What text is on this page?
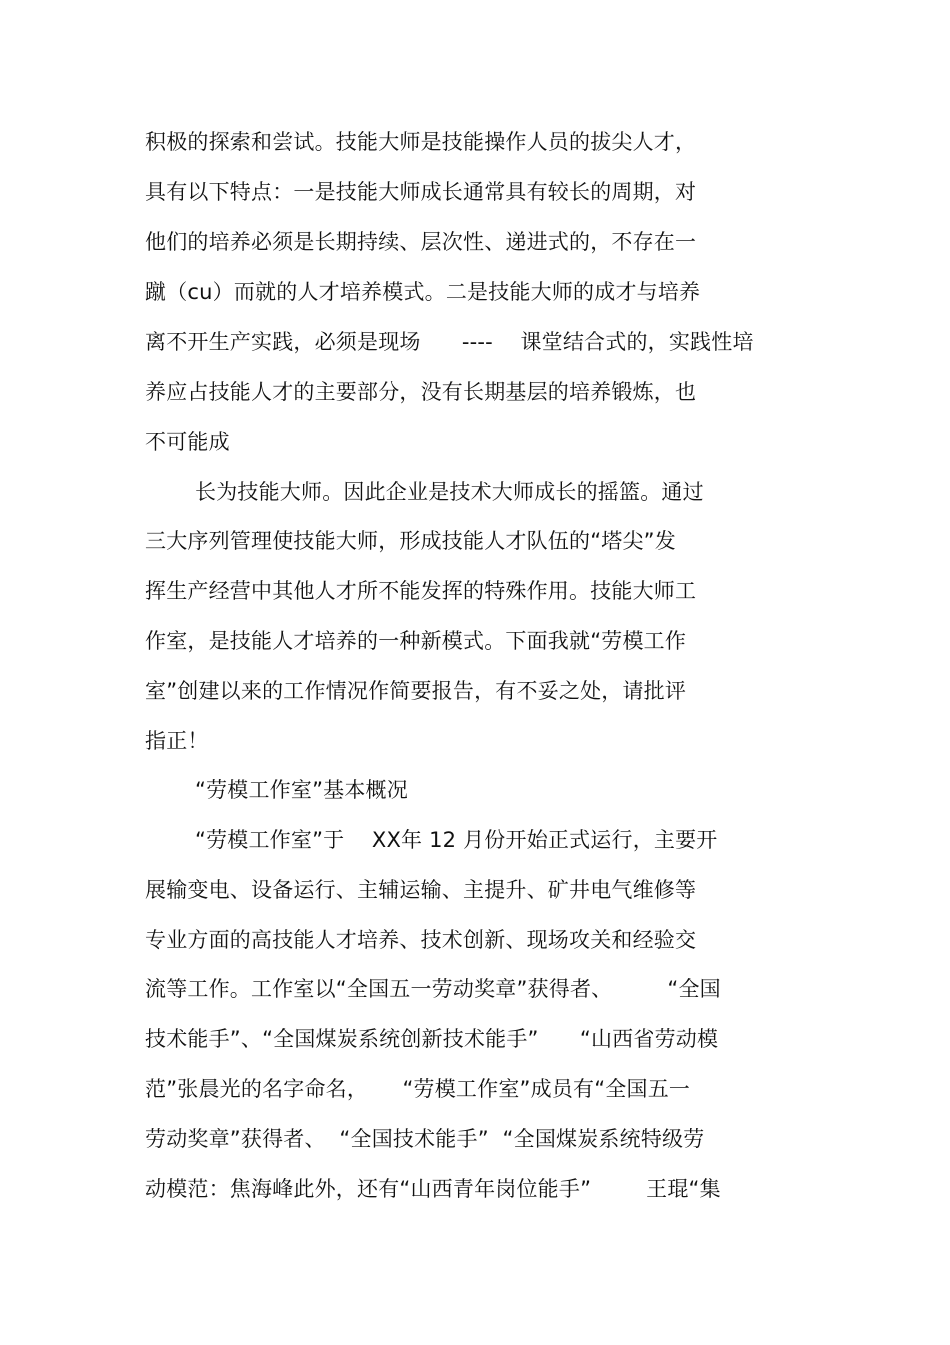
积极的探索和尝试。技能大师是技能操作人员的拔尖人才，
具有以下特点：一是技能大师成长通常具有较长的周期，对
他们的培养必须是长期持续、层次性、递进式的，不存在一
蹴（cu）而就的人才培养模式。二是技能大师的成才与培养
离不开生产实践，必须是现场      ----    课堂结合式的，实践性培
养应占技能人才的主要部分，没有长期基层的培养锻炼，也
不可能成
长为技能大师。因此企业是技术大师成长的摇篮。通过
三大序列管理使技能大师，形成技能人才队伍的“塔尖”发
挥生产经营中其他人才所不能发挥的特殊作用。技能大师工
作室，是技能人才培养的一种新模式。下面我就“劳模工作
室”创建以来的工作情况作简要报告，有不妥之处，请批评
指正！
“劳模工作室”基本概况
“劳模工作室”于    XX年 12 月份开始正式运行，主要开
展输变电、设备运行、主辅运输、主提升、矿井电气维修等
专业方面的高技能人才培养、技术创新、现场攻关和经验交
流等工作。工作室以“全国五一劳动奖章”获得者、        “全国
技术能手”、“全国煤炭系统创新技术能手”      “山西省劳动模
范”张晨光的名字命名，     “劳模工作室”成员有“全国五一
劳动奖章”获得者、  “全国技术能手”  “全国煤炭系统特级劳
动模范：焦海峰此外，还有“山西青年岗位能手”        王琨“集
